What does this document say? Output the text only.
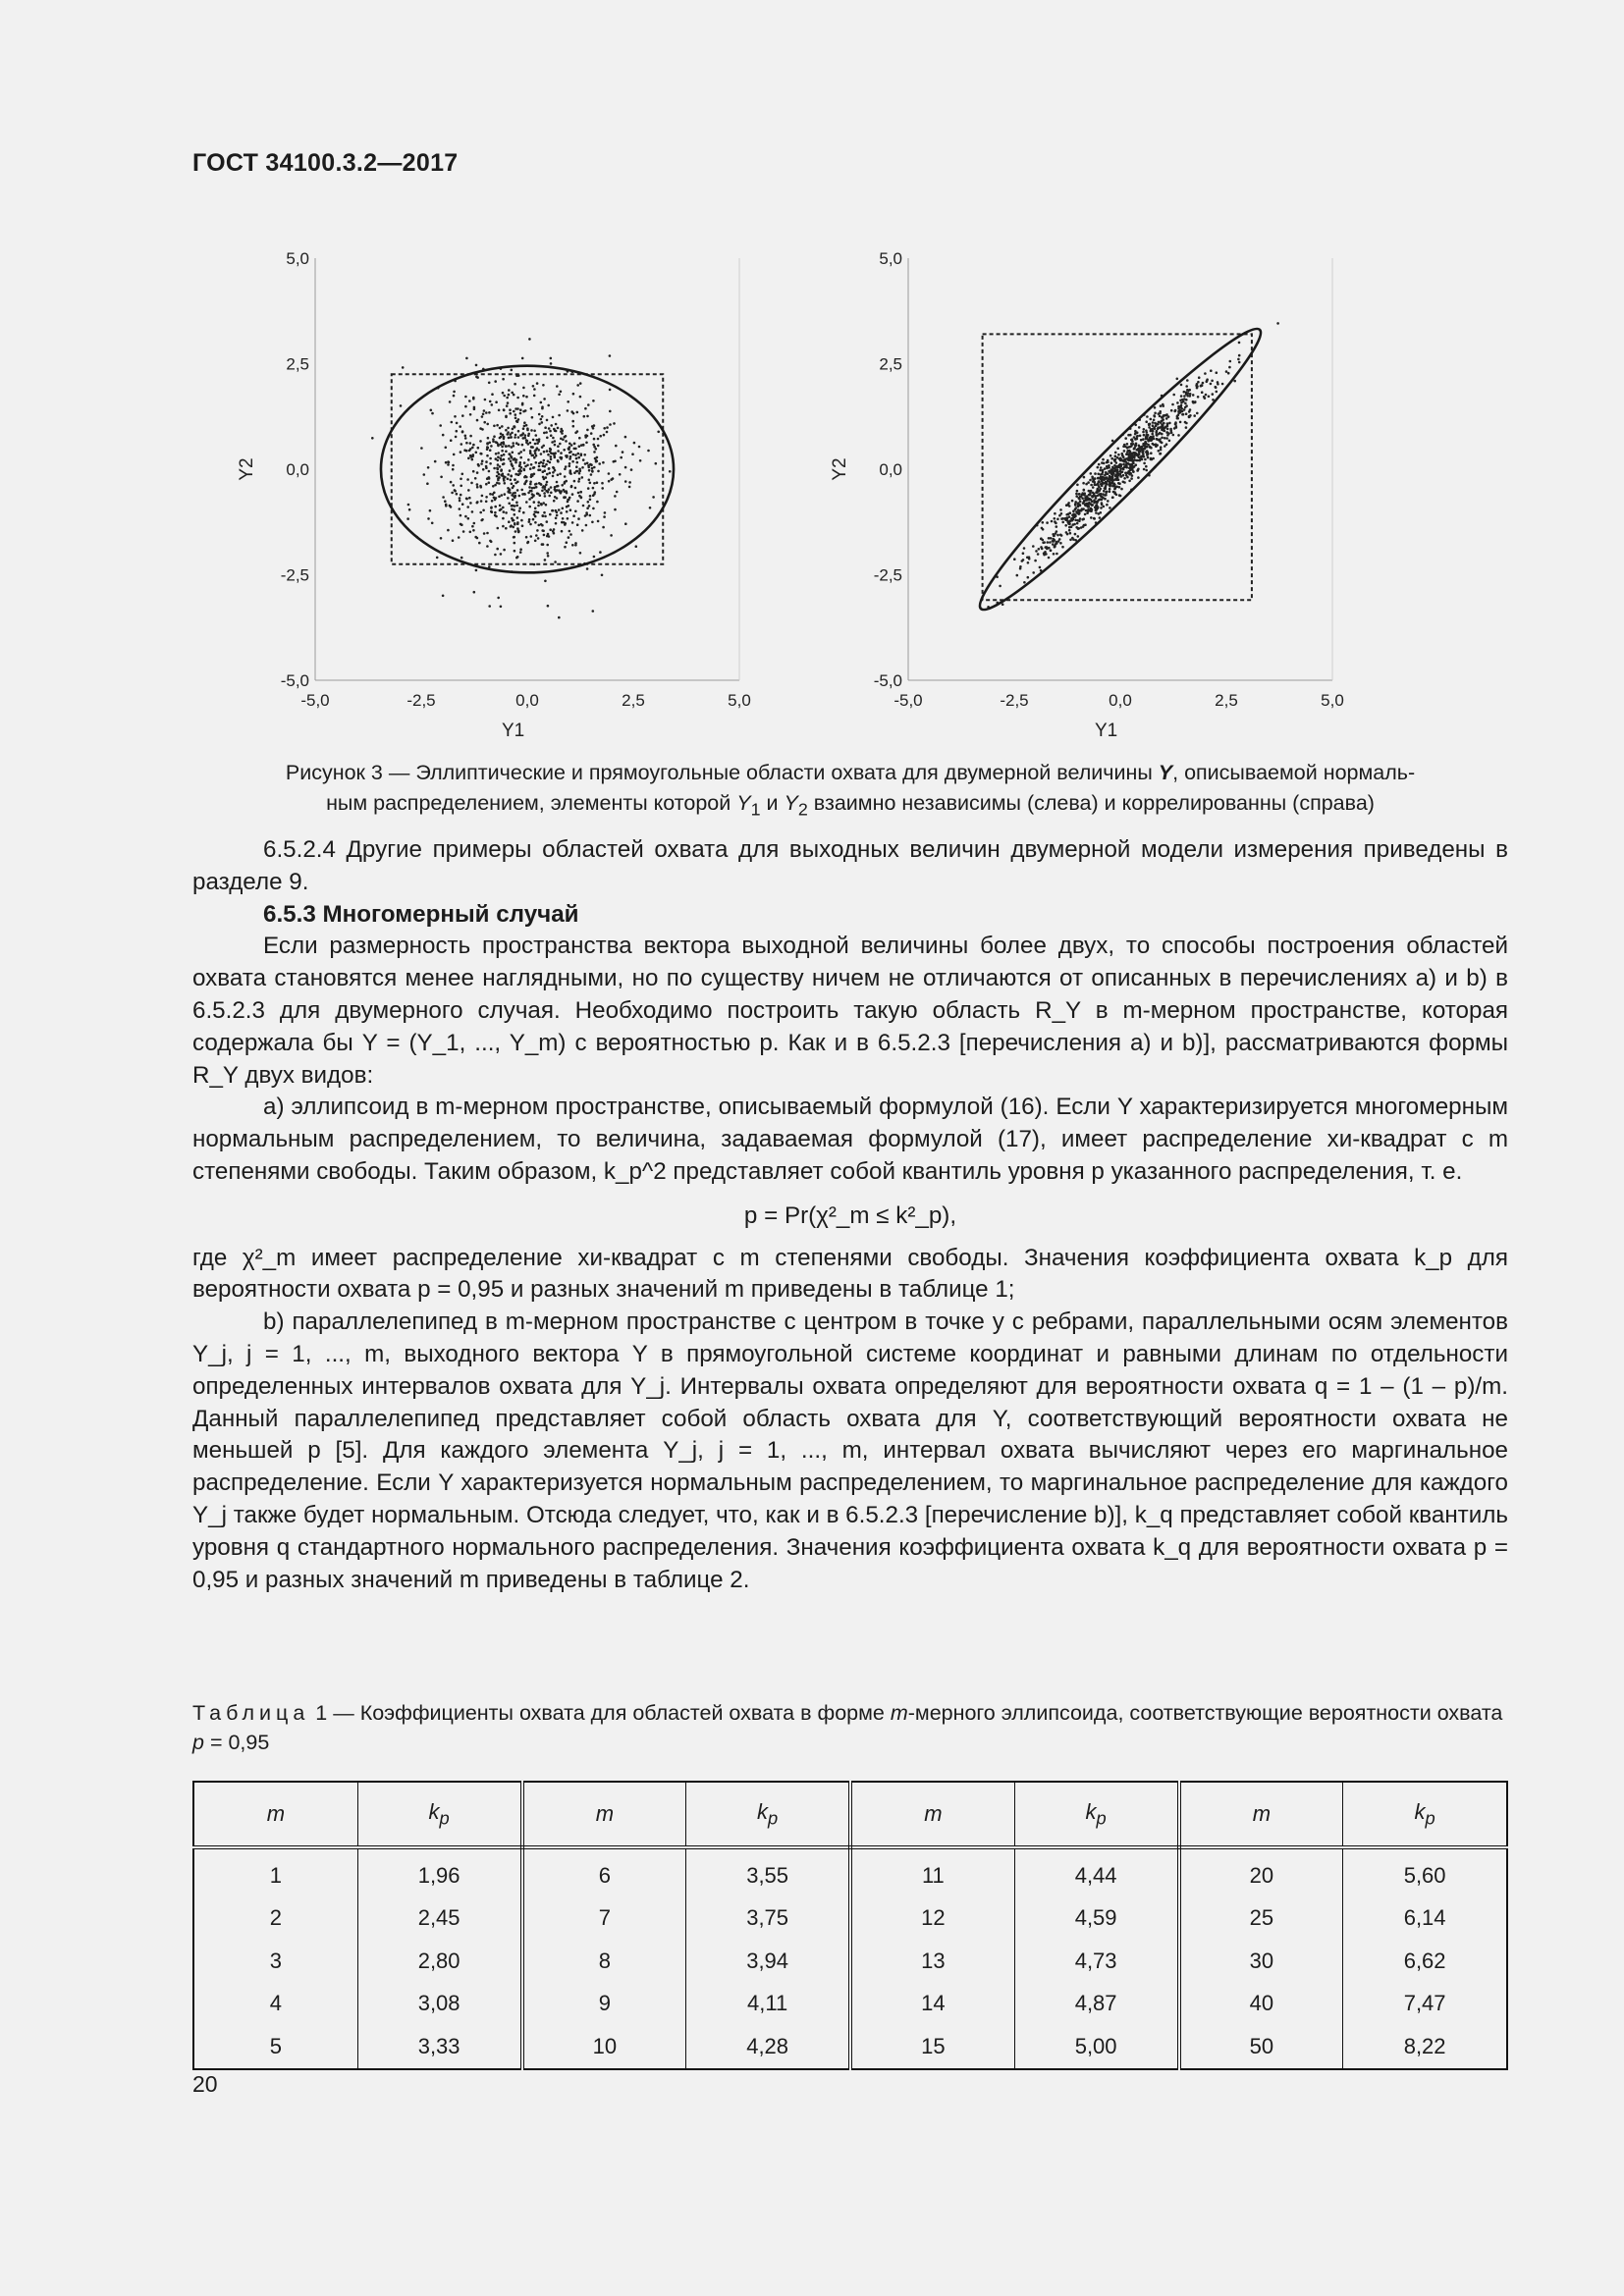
ГОСТ 34100.3.2—2017
-5,0	-2,5	0,0	2,5	5,0
5,0
2,5
0,0
-2,5
-5,0
Y1
Y2
-5,0	-2,5	0,0	2,5	5,0
5,0
2,5
0,0
-2,5
-5,0
Y1
Y2
Рисунок 3 — Эллиптические и прямоугольные области охвата для двумерной величины Y, описываемой нормаль-
ным распределением, элементы которой $Y_1$ и $Y_2$ взаимно независимы (слева) и коррелированны (справа)

6.5.2.4 Другие примеры областей охвата для выходных величин двумерной модели измерения приведены в разделе 9.

6.5.3 Многомерный случай

Если размерность пространства вектора выходной величины более двух, то способы построения областей охвата становятся менее наглядными, но по существу ничем не отличаются от описанных в перечислениях a) и b) в 6.5.2.3 для двумерного случая. Необходимо построить такую область R_Y в m-мерном пространстве, которая содержала бы Y = (Y_1, ..., Y_m) с вероятностью p. Как и в 6.5.2.3 [перечисления a) и b)], рассматриваются формы R_Y двух видов:

a) эллипсоид в m-мерном пространстве, описываемый формулой (16). Если Y характеризируется многомерным нормальным распределением, то величина, задаваемая формулой (17), имеет распределение хи-квадрат с m степенями свободы. Таким образом, k_p^2 представляет собой квантиль уровня p указанного распределения, т. е.

p = Pr(χ²_m ≤ k²_p),

где χ²_m имеет распределение хи-квадрат с m степенями свободы. Значения коэффициента охвата k_p для вероятности охвата p = 0,95 и разных значений m приведены в таблице 1;

b) параллелепипед в m-мерном пространстве с центром в точке y с ребрами, параллельными осям элементов Y_j, j = 1, ..., m, выходного вектора Y в прямоугольной системе координат и равными длинам по отдельности определенных интервалов охвата для Y_j. Интервалы охвата определяют для вероятности охвата q = 1 – (1 – p)/m. Данный параллелепипед представляет собой область охвата для Y, соответствующий вероятности охвата не меньшей p [5]. Для каждого элемента Y_j, j = 1, ..., m, интервал охвата вычисляют через его маргинальное распределение. Если Y характеризуется нормальным распределением, то маргинальное распределение для каждого Y_j также будет нормальным. Отсюда следует, что, как и в 6.5.2.3 [перечисление b)], k_q представляет собой квантиль уровня q стандартного нормального распределения. Значения коэффициента охвата k_q для вероятности охвата p = 0,95 и разных значений m приведены в таблице 2.

Таблица 1 — Коэффициенты охвата для областей охвата в форме m-мерного эллипсоида, соответствующие вероятности охвата p = 0,95
m	$k_p$	m	$k_p$	m	$k_p$	m	$k_p$
1	1,96	6	3,55	11	4,44	20	5,60
2	2,45	7	3,75	12	4,59	25	6,14
3	2,80	8	3,94	13	4,73	30	6,62
4	3,08	9	4,11	14	4,87	40	7,47
5	3,33	10	4,28	15	5,00	50	8,22
20
